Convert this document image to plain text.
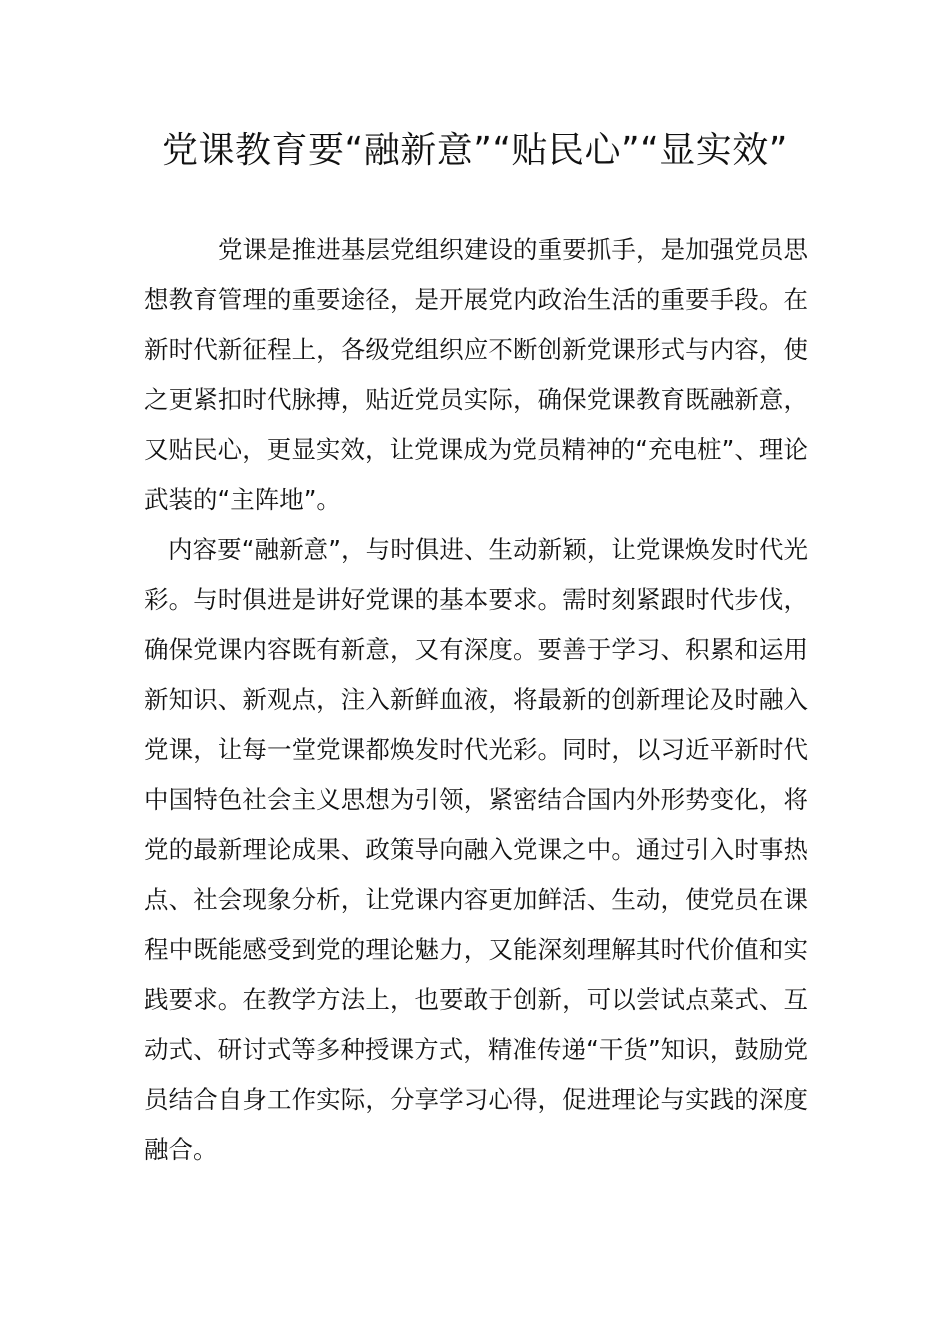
党课教育要“融新意”“贴民心”“显实效”

党课是推进基层党组织建设的重要抓手，是加强党员思想教育管理的重要途径，是开展党内政治生活的重要手段。在新时代新征程上，各级党组织应不断创新党课形式与内容，使之更紧扣时代脉搏，贴近党员实际，确保党课教育既融新意，又贴民心，更显实效，让党课成为党员精神的“充电桩”、理论武装的“主阵地”。

内容要“融新意”，与时俱进、生动新颖，让党课焕发时代光彩。与时俱进是讲好党课的基本要求。需时刻紧跟时代步伐，确保党课内容既有新意，又有深度。要善于学习、积累和运用新知识、新观点，注入新鲜血液，将最新的创新理论及时融入党课，让每一堂党课都焕发时代光彩。同时，以习近平新时代中国特色社会主义思想为引领，紧密结合国内外形势变化，将党的最新理论成果、政策导向融入党课之中。通过引入时事热点、社会现象分析，让党课内容更加鲜活、生动，使党员在课程中既能感受到党的理论魅力，又能深刻理解其时代价值和实践要求。在教学方法上，也要敢于创新，可以尝试点菜式、互动式、研讨式等多种授课方式，精准传递“干货”知识，鼓励党员结合自身工作实际，分享学习心得，促进理论与实践的深度融合。
